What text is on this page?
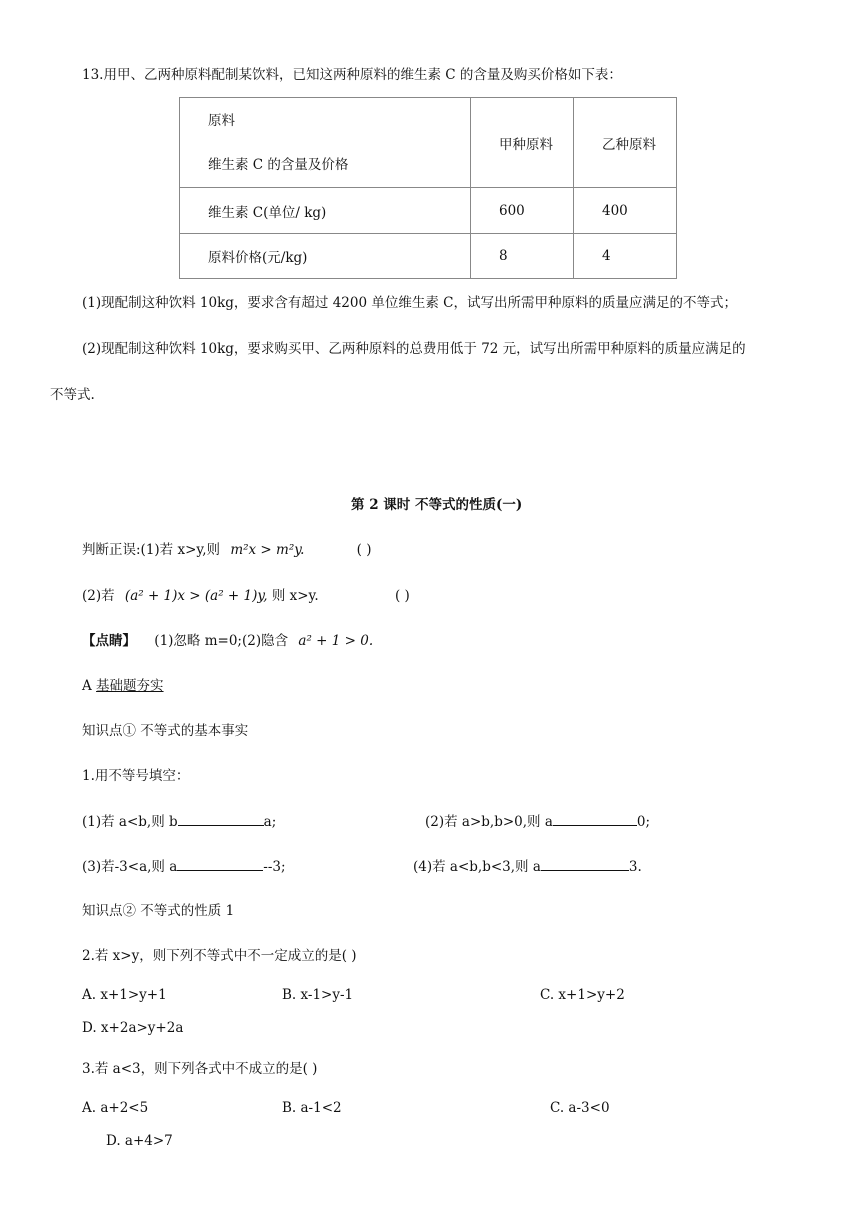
13.用甲、乙两种原料配制某饮料，已知这两种原料的维生素 C 的含量及购买价格如下表：
原料
维生素 C 的含量及价格	甲种原料	乙种原料
维生素 C(单位/ kg)	600	400
原料价格(元/kg)	8	4
(1)现配制这种饮料 10kg，要求含有超过 4200 单位维生素 C，试写出所需甲种原料的质量应满足的不等式；
(2)现配制这种饮料 10kg，要求购买甲、乙两种原料的总费用低于 72 元，试写出所需甲种原料的质量应满足的
不等式.
第 2 课时 不等式的性质(一)
判断正误:(1)若 x>y,则 m²x > m²y.	( )
(2)若 (a² + 1)x > (a² + 1)y, 则 x>y.	( )
【点睛】 (1)忽略 m=0;(2)隐含 a² + 1 > 0.
A 基础题夯实
知识点① 不等式的基本事实
1.用不等号填空：
(1)若 a<b,则 b	a;	(2)若 a>b,b>0,则 a	0;
(3)若-3<a,则 a	--3;	(4)若 a<b,b<3,则 a	3.
知识点② 不等式的性质 1
2.若 x>y，则下列不等式中不一定成立的是( )
A. x+1>y+1	B. x-1>y-1	C. x+1>y+2
D. x+2a>y+2a
3.若 a<3，则下列各式中不成立的是( )
A. a+2<5	B. a-1<2	C. a-3<0
D. a+4>7
